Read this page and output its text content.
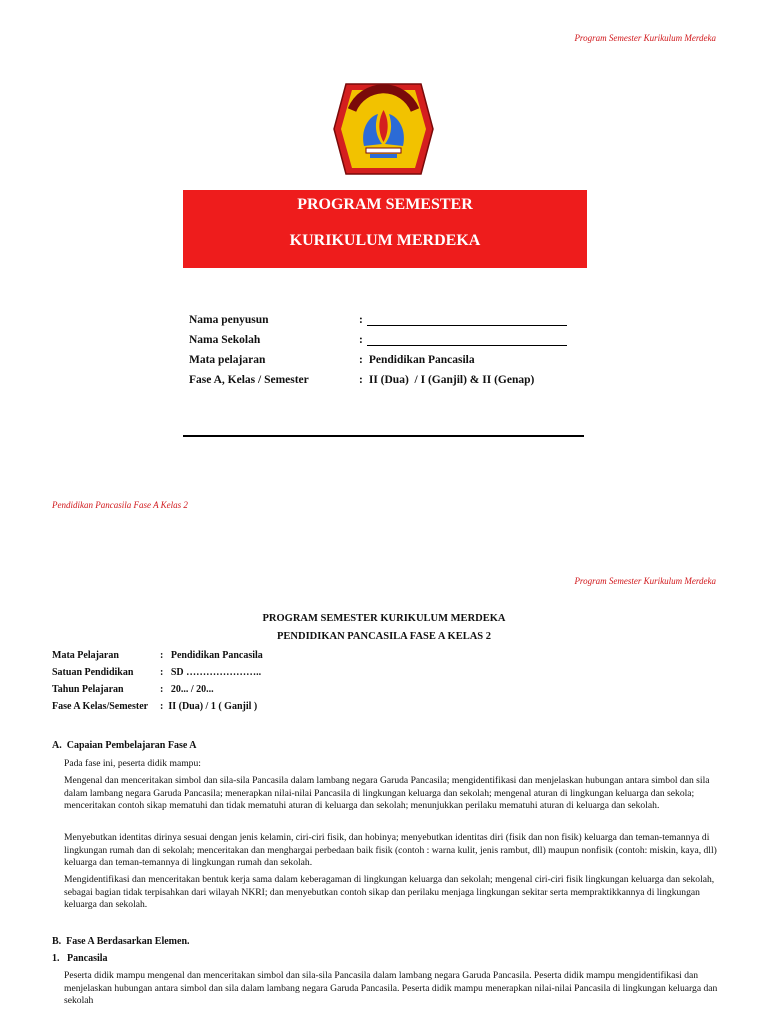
Program Semester Kurikulum Merdeka
PROGRAM SEMESTER
KURIKULUM MERDEKA
Nama penyusun	:
Nama Sekolah	:
Mata pelajaran	: Pendidikan Pancasila
Fase A, Kelas / Semester	: II (Dua)  / I (Ganjil) & II (Genap)
Pendidikan Pancasila Fase A Kelas 2
Program Semester Kurikulum Merdeka
PROGRAM SEMESTER KURIKULUM MERDEKA
PENDIDIKAN PANCASILA FASE A KELAS 2
Mata Pelajaran	:   Pendidikan Pancasila
Satuan Pendidikan	:   SD …………………..
Tahun Pelajaran	:   20... / 20...
Fase A Kelas/Semester	:  II (Dua) / 1 ( Ganjil )
A.  Capaian Pembelajaran Fase A
Pada fase ini, peserta didik mampu:
Mengenal dan menceritakan simbol dan sila-sila Pancasila dalam lambang negara Garuda Pancasila; mengidentifikasi dan menjelaskan hubungan antara simbol dan sila dalam lambang negara Garuda Pancasila; menerapkan nilai-nilai Pancasila di lingkungan keluarga dan sekolah; mengenal aturan di lingkungan keluarga dan sekola; menceritakan contoh sikap mematuhi dan tidak mematuhi aturan di keluarga dan sekolah; menunjukkan perilaku mematuhi aturan di keluarga dan sekolah.
Menyebutkan identitas dirinya sesuai dengan jenis kelamin, ciri-ciri fisik, dan hobinya; menyebutkan identitas diri (fisik dan non fisik) keluarga dan teman-temannya di lingkungan rumah dan di sekolah; menceritakan dan menghargai perbedaan baik fisik (contoh : warna kulit, jenis rambut, dll) maupun nonfisik (contoh: miskin, kaya, dll) keluarga dan teman-temannya di lingkungan rumah dan sekolah.
Mengidentifikasi dan menceritakan bentuk kerja sama dalam keberagaman di lingkungan keluarga dan sekolah; mengenal ciri-ciri fisik lingkungan keluarga dan sekolah, sebagai bagian tidak terpisahkan dari wilayah NKRI; dan menyebutkan contoh sikap dan perilaku menjaga lingkungan sekitar serta mempraktikkannya di lingkungan keluarga dan sekolah.
B.  Fase A Berdasarkan Elemen.
1.   Pancasila
Peserta didik mampu mengenal dan menceritakan simbol dan sila-sila Pancasila dalam lambang negara Garuda Pancasila. Peserta didik mampu mengidentifikasi dan menjelaskan hubungan antara simbol dan sila dalam lambang negara Garuda Pancasila. Peserta didik mampu menerapkan nilai-nilai Pancasila di lingkungan keluarga dan sekolah
